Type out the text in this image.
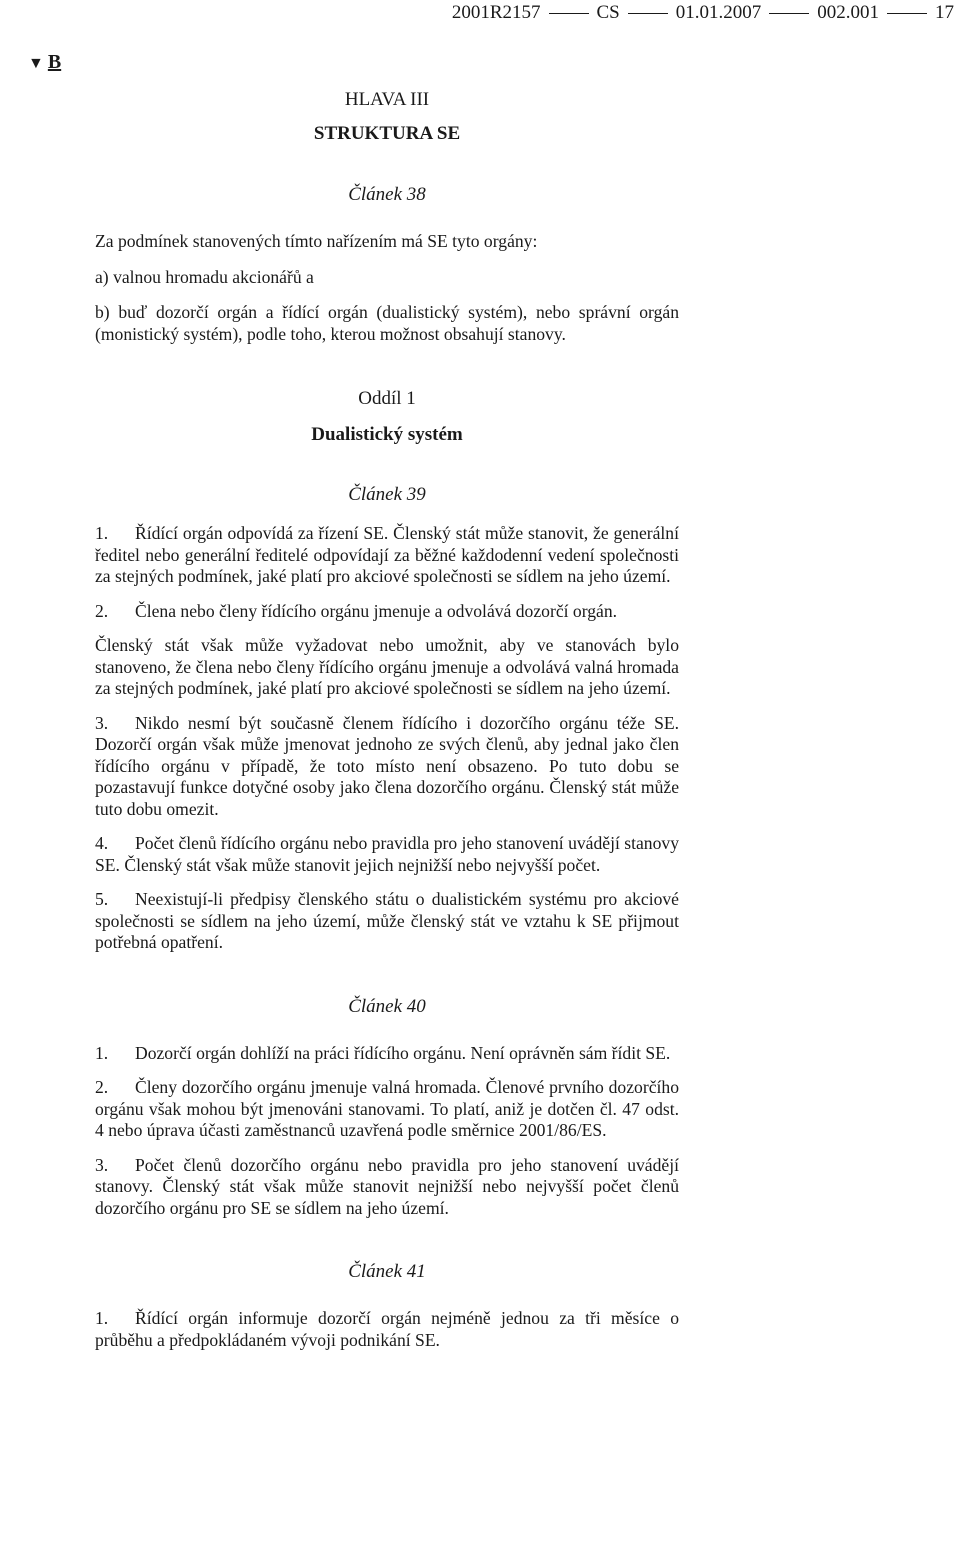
2001R2157	CS	01.01.2007	002.001	17
▼ B

HLAVA III

STRUKTURA SE

Článek 38

Za podmínek stanovených tímto nařízením má SE tyto orgány:

a) valnou hromadu akcionářů a

b) buď dozorčí orgán a řídící orgán (dualistický systém), nebo správní orgán (monistický systém), podle toho, kterou možnost obsahují stanovy.

Oddíl 1

Dualistický systém

Článek 39

1. Řídící orgán odpovídá za řízení SE. Členský stát může stanovit, že generální ředitel nebo generální ředitelé odpovídají za běžné každodenní vedení společnosti za stejných podmínek, jaké platí pro akciové společnosti se sídlem na jeho území.

2. Člena nebo členy řídícího orgánu jmenuje a odvolává dozorčí orgán.

Členský stát však může vyžadovat nebo umožnit, aby ve stanovách bylo stanoveno, že člena nebo členy řídícího orgánu jmenuje a odvolává valná hromada za stejných podmínek, jaké platí pro akciové společnosti se sídlem na jeho území.

3. Nikdo nesmí být současně členem řídícího i dozorčího orgánu téže SE. Dozorčí orgán však může jmenovat jednoho ze svých členů, aby jednal jako člen řídícího orgánu v případě, že toto místo není obsazeno. Po tuto dobu se pozastavují funkce dotyčné osoby jako člena dozorčího orgánu. Členský stát může tuto dobu omezit.

4. Počet členů řídícího orgánu nebo pravidla pro jeho stanovení uvádějí stanovy SE. Členský stát však může stanovit jejich nejnižší nebo nejvyšší počet.

5. Neexistují-li předpisy členského státu o dualistickém systému pro akciové společnosti se sídlem na jeho území, může členský stát ve vztahu k SE přijmout potřebná opatření.

Článek 40

1. Dozorčí orgán dohlíží na práci řídícího orgánu. Není oprávněn sám řídit SE.

2. Členy dozorčího orgánu jmenuje valná hromada. Členové prvního dozorčího orgánu však mohou být jmenováni stanovami. To platí, aniž je dotčen čl. 47 odst. 4 nebo úprava účasti zaměstnanců uzavřená podle směrnice 2001/86/ES.

3. Počet členů dozorčího orgánu nebo pravidla pro jeho stanovení uvádějí stanovy. Členský stát však může stanovit nejnižší nebo nejvyšší počet členů dozorčího orgánu pro SE se sídlem na jeho území.

Článek 41

1. Řídící orgán informuje dozorčí orgán nejméně jednou za tři měsíce o průběhu a předpokládaném vývoji podnikání SE.
